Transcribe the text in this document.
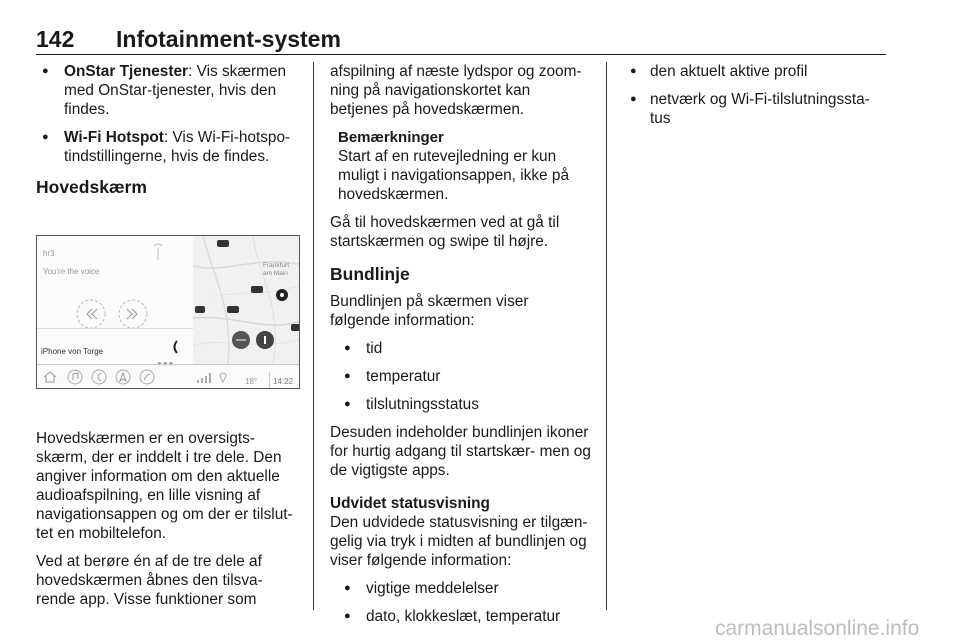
142 Infotainment-system
● OnStar Tjenester: Vis skærmen med OnStar-tjenester, hvis den findes.
● Wi-Fi Hotspot: Vis Wi-Fi-hotspo- tindstillingerne, hvis de findes.
Hovedskærm
hr3
You're the voice
iPhone von Torge
●●●
Frankfurt am Main
18°	14:22

Hovedskærmen er en oversigts- skærm, der er inddelt i tre dele. Den angiver information om den aktuelle audioafspilning, en lille visning af navigationsappen og om der er tilslut- tet en mobiltelefon.

Ved at berøre én af de tre dele af hovedskærmen åbnes den tilsva- rende app. Visse funktioner som

afspilning af næste lydspor og zoom- ning på navigationskortet kan betjenes på hovedskærmen.

Bemærkninger
Start af en rutevejledning er kun muligt i navigationsappen, ikke på hovedskærmen.

Gå til hovedskærmen ved at gå til startskærmen og swipe til højre.

Bundlinje

Bundlinjen på skærmen viser følgende information:

● tid
● temperatur
● tilslutningsstatus

Desuden indeholder bundlinjen ikoner for hurtig adgang til startskær- men og de vigtigste apps.

Udvidet statusvisning

Den udvidede statusvisning er tilgæn- gelig via tryk i midten af bundlinjen og viser følgende information:

● vigtige meddelelser
● dato, klokkeslæt, temperatur
● den aktuelt aktive profil
● netværk og Wi-Fi-tilslutningssta- tus
carmanualsonline.info
